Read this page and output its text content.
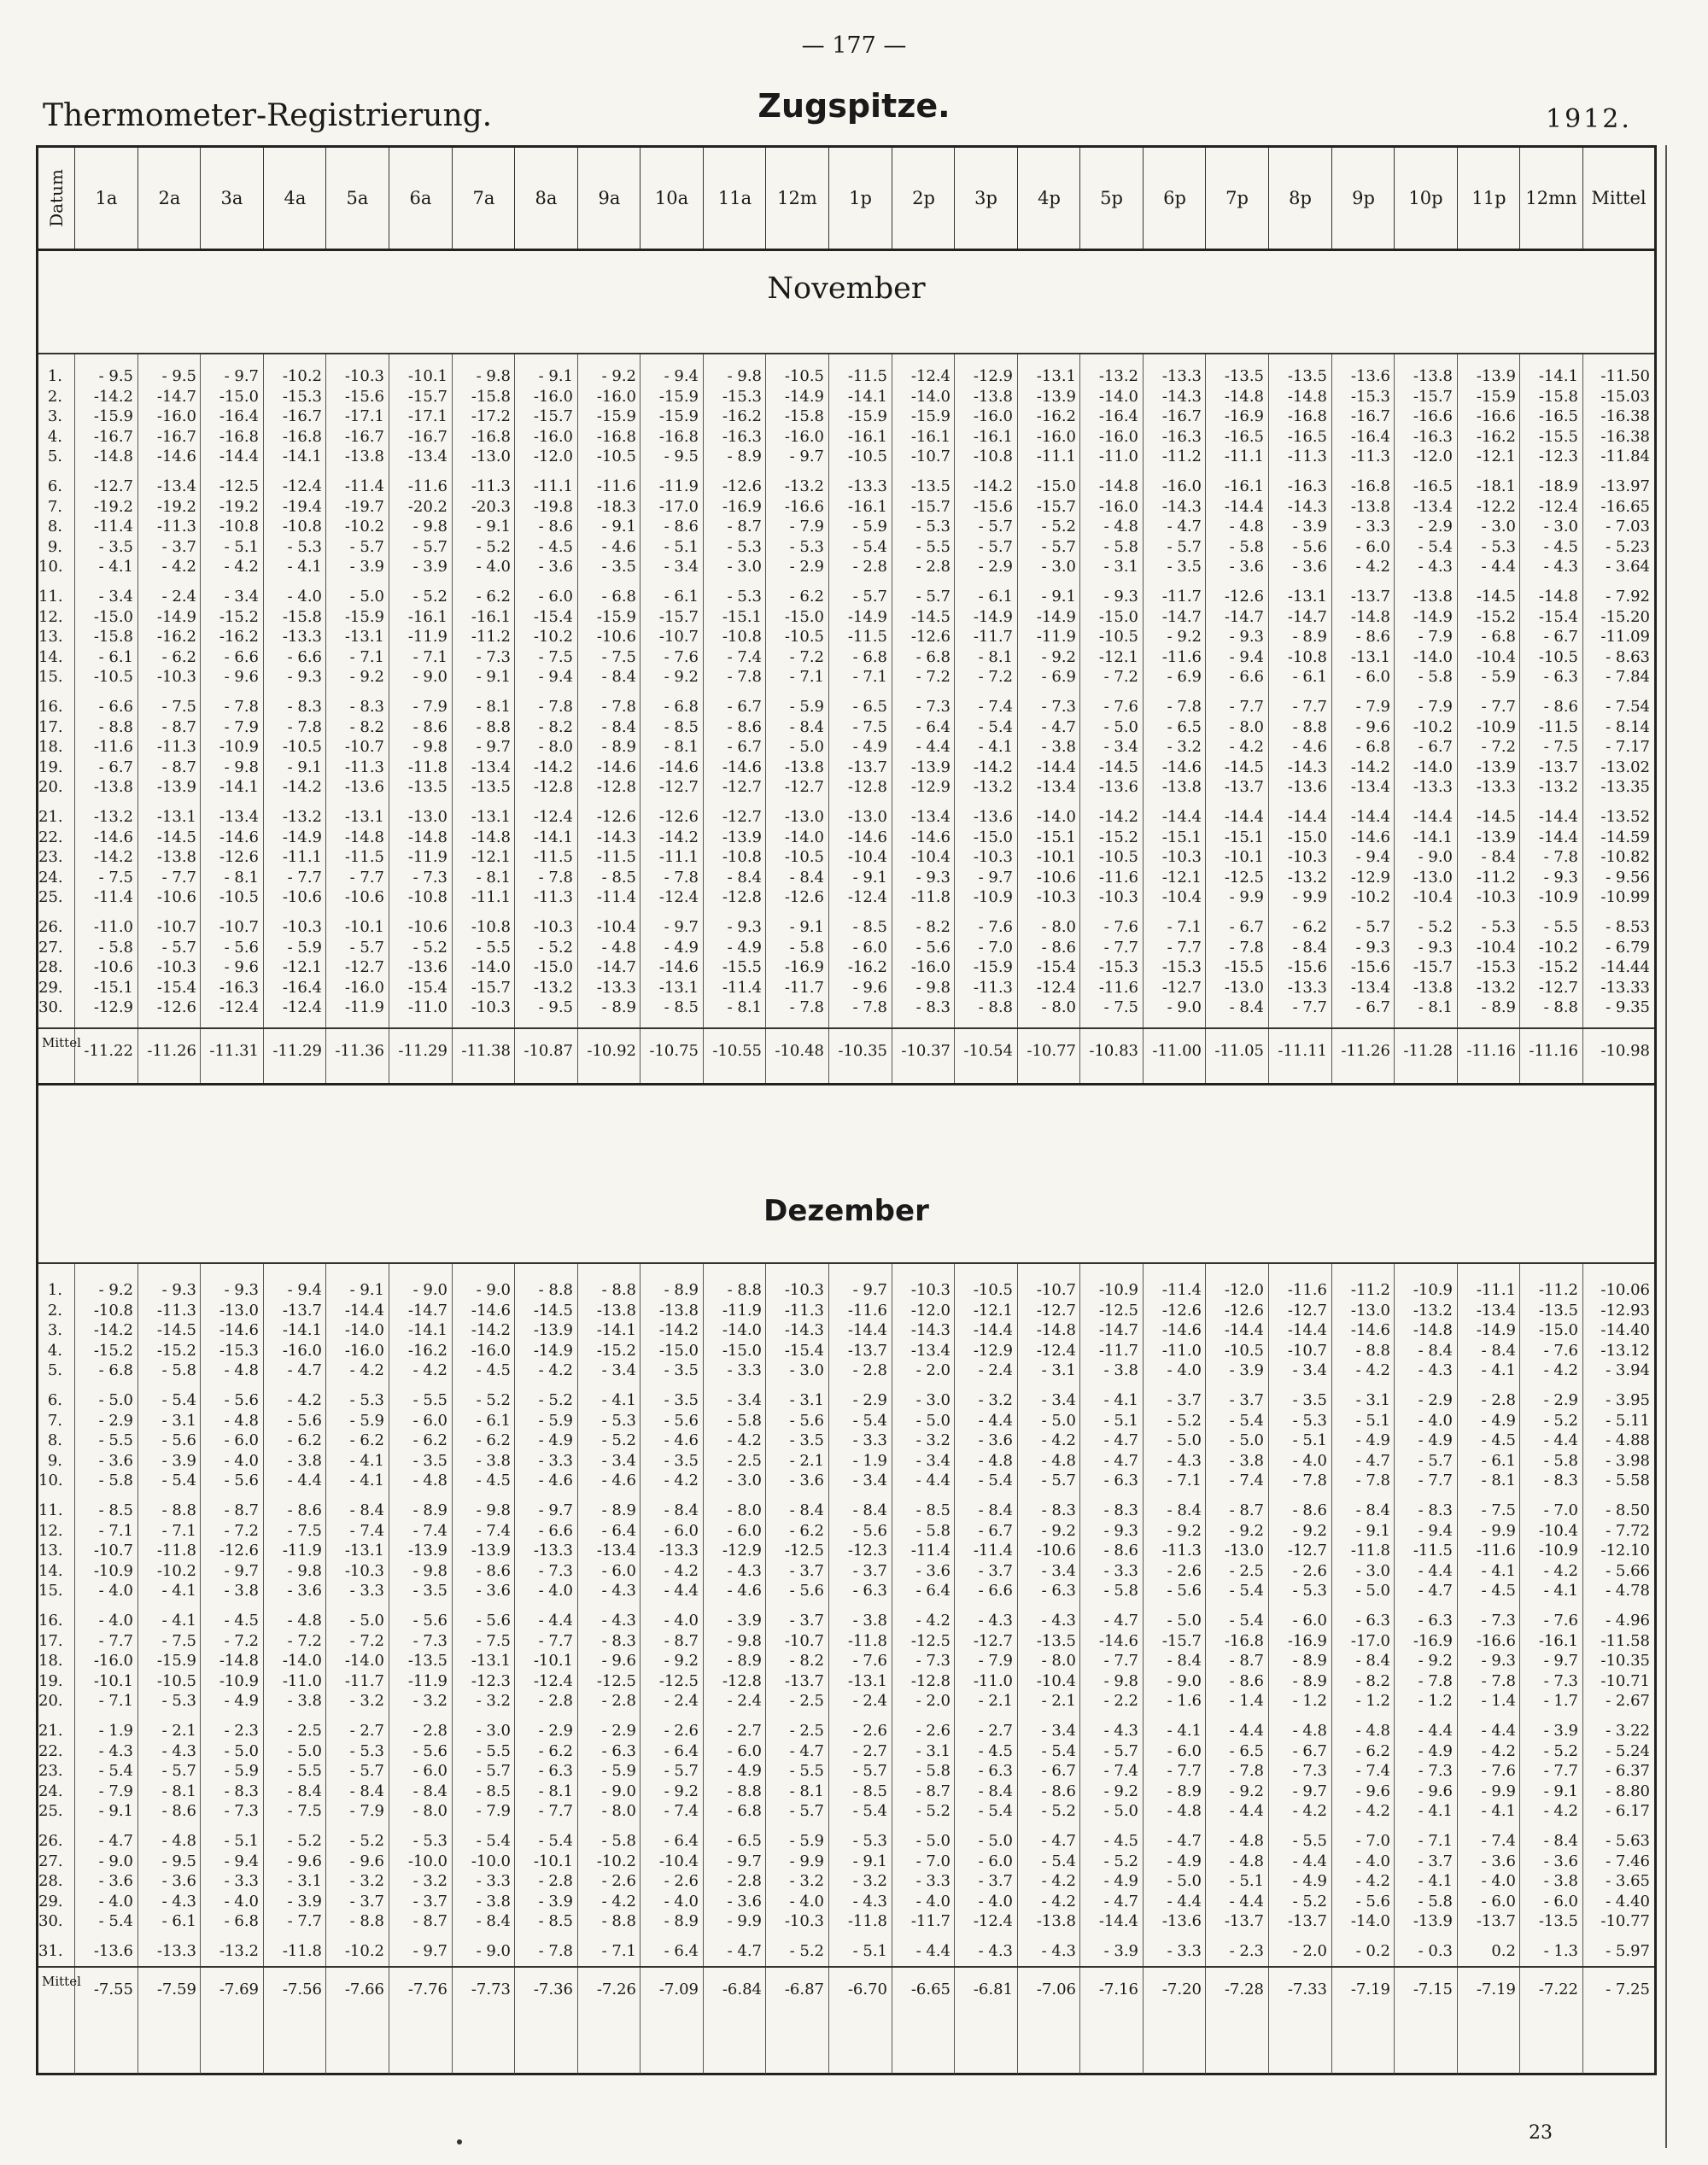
— 177 —
Thermometer-Registrierung.	Zugspitze.	1912.
Datum 1a 2a 3a 4a 5a 6a 7a 8a 9a 10a 11a 12m 1p 2p 3p 4p 5p 6p 7p 8p 9p 10p 11p 12mn Mittel
November
1.	- 9.5	- 9.5	- 9.7	-10.2	-10.3	-10.1	- 9.8	- 9.1	- 9.2	- 9.4	- 9.8	-10.5	-11.5	-12.4	-12.9	-13.1	-13.2	-13.3	-13.5	-13.5	-13.6	-13.8	-13.9	-14.1	-11.50
2.	-14.2	-14.7	-15.0	-15.3	-15.6	-15.7	-15.8	-16.0	-16.0	-15.9	-15.3	-14.9	-14.1	-14.0	-13.8	-13.9	-14.0	-14.3	-14.8	-14.8	-15.3	-15.7	-15.9	-15.8	-15.03
3.	-15.9	-16.0	-16.4	-16.7	-17.1	-17.1	-17.2	-15.7	-15.9	-15.9	-16.2	-15.8	-15.9	-15.9	-16.0	-16.2	-16.4	-16.7	-16.9	-16.8	-16.7	-16.6	-16.6	-16.5	-16.38
4.	-16.7	-16.7	-16.8	-16.8	-16.7	-16.7	-16.8	-16.0	-16.8	-16.8	-16.3	-16.0	-16.1	-16.1	-16.1	-16.0	-16.0	-16.3	-16.5	-16.5	-16.4	-16.3	-16.2	-15.5	-16.38
5.	-14.8	-14.6	-14.4	-14.1	-13.8	-13.4	-13.0	-12.0	-10.5	- 9.5	- 8.9	- 9.7	-10.5	-10.7	-10.8	-11.1	-11.0	-11.2	-11.1	-11.3	-11.3	-12.0	-12.1	-12.3	-11.84
6.	-12.7	-13.4	-12.5	-12.4	-11.4	-11.6	-11.3	-11.1	-11.6	-11.9	-12.6	-13.2	-13.3	-13.5	-14.2	-15.0	-14.8	-16.0	-16.1	-16.3	-16.8	-16.5	-18.1	-18.9	-13.97
7.	-19.2	-19.2	-19.2	-19.4	-19.7	-20.2	-20.3	-19.8	-18.3	-17.0	-16.9	-16.6	-16.1	-15.7	-15.6	-15.7	-16.0	-14.3	-14.4	-14.3	-13.8	-13.4	-12.2	-12.4	-16.65
8.	-11.4	-11.3	-10.8	-10.8	-10.2	- 9.8	- 9.1	- 8.6	- 9.1	- 8.6	- 8.7	- 7.9	- 5.9	- 5.3	- 5.7	- 5.2	- 4.8	- 4.7	- 4.8	- 3.9	- 3.3	- 2.9	- 3.0	- 3.0	- 7.03
9.	- 3.5	- 3.7	- 5.1	- 5.3	- 5.7	- 5.7	- 5.2	- 4.5	- 4.6	- 5.1	- 5.3	- 5.3	- 5.4	- 5.5	- 5.7	- 5.7	- 5.8	- 5.7	- 5.8	- 5.6	- 6.0	- 5.4	- 5.3	- 4.5	- 5.23
10.	- 4.1	- 4.2	- 4.2	- 4.1	- 3.9	- 3.9	- 4.0	- 3.6	- 3.5	- 3.4	- 3.0	- 2.9	- 2.8	- 2.8	- 2.9	- 3.0	- 3.1	- 3.5	- 3.6	- 3.6	- 4.2	- 4.3	- 4.4	- 4.3	- 3.64
11.	- 3.4	- 2.4	- 3.4	- 4.0	- 5.0	- 5.2	- 6.2	- 6.0	- 6.8	- 6.1	- 5.3	- 6.2	- 5.7	- 5.7	- 6.1	- 9.1	- 9.3	-11.7	-12.6	-13.1	-13.7	-13.8	-14.5	-14.8	- 7.92
12.	-15.0	-14.9	-15.2	-15.8	-15.9	-16.1	-16.1	-15.4	-15.9	-15.7	-15.1	-15.0	-14.9	-14.5	-14.9	-14.9	-15.0	-14.7	-14.7	-14.7	-14.8	-14.9	-15.2	-15.4	-15.20
13.	-15.8	-16.2	-16.2	-13.3	-13.1	-11.9	-11.2	-10.2	-10.6	-10.7	-10.8	-10.5	-11.5	-12.6	-11.7	-11.9	-10.5	- 9.2	- 9.3	- 8.9	- 8.6	- 7.9	- 6.8	- 6.7	-11.09
14.	- 6.1	- 6.2	- 6.6	- 6.6	- 7.1	- 7.1	- 7.3	- 7.5	- 7.5	- 7.6	- 7.4	- 7.2	- 6.8	- 6.8	- 8.1	- 9.2	-12.1	-11.6	- 9.4	-10.8	-13.1	-14.0	-10.4	-10.5	- 8.63
15.	-10.5	-10.3	- 9.6	- 9.3	- 9.2	- 9.0	- 9.1	- 9.4	- 8.4	- 9.2	- 7.8	- 7.1	- 7.1	- 7.2	- 7.2	- 6.9	- 7.2	- 6.9	- 6.6	- 6.1	- 6.0	- 5.8	- 5.9	- 6.3	- 7.84
16.	- 6.6	- 7.5	- 7.8	- 8.3	- 8.3	- 7.9	- 8.1	- 7.8	- 7.8	- 6.8	- 6.7	- 5.9	- 6.5	- 7.3	- 7.4	- 7.3	- 7.6	- 7.8	- 7.7	- 7.7	- 7.9	- 7.9	- 7.7	- 8.6	- 7.54
17.	- 8.8	- 8.7	- 7.9	- 7.8	- 8.2	- 8.6	- 8.8	- 8.2	- 8.4	- 8.5	- 8.6	- 8.4	- 7.5	- 6.4	- 5.4	- 4.7	- 5.0	- 6.5	- 8.0	- 8.8	- 9.6	-10.2	-10.9	-11.5	- 8.14
18.	-11.6	-11.3	-10.9	-10.5	-10.7	- 9.8	- 9.7	- 8.0	- 8.9	- 8.1	- 6.7	- 5.0	- 4.9	- 4.4	- 4.1	- 3.8	- 3.4	- 3.2	- 4.2	- 4.6	- 6.8	- 6.7	- 7.2	- 7.5	- 7.17
19.	- 6.7	- 8.7	- 9.8	- 9.1	-11.3	-11.8	-13.4	-14.2	-14.6	-14.6	-14.6	-13.8	-13.7	-13.9	-14.2	-14.4	-14.5	-14.6	-14.5	-14.3	-14.2	-14.0	-13.9	-13.7	-13.02
20.	-13.8	-13.9	-14.1	-14.2	-13.6	-13.5	-13.5	-12.8	-12.8	-12.7	-12.7	-12.7	-12.8	-12.9	-13.2	-13.4	-13.6	-13.8	-13.7	-13.6	-13.4	-13.3	-13.3	-13.2	-13.35
21.	-13.2	-13.1	-13.4	-13.2	-13.1	-13.0	-13.1	-12.4	-12.6	-12.6	-12.7	-13.0	-13.0	-13.4	-13.6	-14.0	-14.2	-14.4	-14.4	-14.4	-14.4	-14.4	-14.5	-14.4	-13.52
22.	-14.6	-14.5	-14.6	-14.9	-14.8	-14.8	-14.8	-14.1	-14.3	-14.2	-13.9	-14.0	-14.6	-14.6	-15.0	-15.1	-15.2	-15.1	-15.1	-15.0	-14.6	-14.1	-13.9	-14.4	-14.59
23.	-14.2	-13.8	-12.6	-11.1	-11.5	-11.9	-12.1	-11.5	-11.5	-11.1	-10.8	-10.5	-10.4	-10.4	-10.3	-10.1	-10.5	-10.3	-10.1	-10.3	- 9.4	- 9.0	- 8.4	- 7.8	-10.82
24.	- 7.5	- 7.7	- 8.1	- 7.7	- 7.7	- 7.3	- 8.1	- 7.8	- 8.5	- 7.8	- 8.4	- 8.4	- 9.1	- 9.3	- 9.7	-10.6	-11.6	-12.1	-12.5	-13.2	-12.9	-13.0	-11.2	- 9.3	- 9.56
25.	-11.4	-10.6	-10.5	-10.6	-10.6	-10.8	-11.1	-11.3	-11.4	-12.4	-12.8	-12.6	-12.4	-11.8	-10.9	-10.3	-10.3	-10.4	- 9.9	- 9.9	-10.2	-10.4	-10.3	-10.9	-10.99
26.	-11.0	-10.7	-10.7	-10.3	-10.1	-10.6	-10.8	-10.3	-10.4	- 9.7	- 9.3	- 9.1	- 8.5	- 8.2	- 7.6	- 8.0	- 7.6	- 7.1	- 6.7	- 6.2	- 5.7	- 5.2	- 5.3	- 5.5	- 8.53
27.	- 5.8	- 5.7	- 5.6	- 5.9	- 5.7	- 5.2	- 5.5	- 5.2	- 4.8	- 4.9	- 4.9	- 5.8	- 6.0	- 5.6	- 7.0	- 8.6	- 7.7	- 7.7	- 7.8	- 8.4	- 9.3	- 9.3	-10.4	-10.2	- 6.79
28.	-10.6	-10.3	- 9.6	-12.1	-12.7	-13.6	-14.0	-15.0	-14.7	-14.6	-15.5	-16.9	-16.2	-16.0	-15.9	-15.4	-15.3	-15.3	-15.5	-15.6	-15.6	-15.7	-15.3	-15.2	-14.44
29.	-15.1	-15.4	-16.3	-16.4	-16.0	-15.4	-15.7	-13.2	-13.3	-13.1	-11.4	-11.7	- 9.6	- 9.8	-11.3	-12.4	-11.6	-12.7	-13.0	-13.3	-13.4	-13.8	-13.2	-12.7	-13.33
30.	-12.9	-12.6	-12.4	-12.4	-11.9	-11.0	-10.3	- 9.5	- 8.9	- 8.5	- 8.1	- 7.8	- 7.8	- 8.3	- 8.8	- 8.0	- 7.5	- 9.0	- 8.4	- 7.7	- 6.7	- 8.1	- 8.9	- 8.8	- 9.35
Mittel -11.22 -11.26 -11.31 -11.29 -11.36 -11.29 -11.38 -10.87 -10.92 -10.75 -10.55 -10.48 -10.35 -10.37 -10.54 -10.77 -10.83 -11.00 -11.05 -11.11 -11.26 -11.28 -11.16 -11.16	-10.98
Dezember
1.	- 9.2	- 9.3	- 9.3	- 9.4	- 9.1	- 9.0	- 9.0	- 8.8	- 8.8	- 8.9	- 8.8	-10.3	- 9.7	-10.3	-10.5	-10.7	-10.9	-11.4	-12.0	-11.6	-11.2	-10.9	-11.1	-11.2	-10.06
2.	-10.8	-11.3	-13.0	-13.7	-14.4	-14.7	-14.6	-14.5	-13.8	-13.8	-11.9	-11.3	-11.6	-12.0	-12.1	-12.7	-12.5	-12.6	-12.6	-12.7	-13.0	-13.2	-13.4	-13.5	-12.93
3.	-14.2	-14.5	-14.6	-14.1	-14.0	-14.1	-14.2	-13.9	-14.1	-14.2	-14.0	-14.3	-14.4	-14.3	-14.4	-14.8	-14.7	-14.6	-14.4	-14.4	-14.6	-14.8	-14.9	-15.0	-14.40
4.	-15.2	-15.2	-15.3	-16.0	-16.0	-16.2	-16.0	-14.9	-15.2	-15.0	-15.0	-15.4	-13.7	-13.4	-12.9	-12.4	-11.7	-11.0	-10.5	-10.7	- 8.8	- 8.4	- 8.4	- 7.6	-13.12
5.	- 6.8	- 5.8	- 4.8	- 4.7	- 4.2	- 4.2	- 4.5	- 4.2	- 3.4	- 3.5	- 3.3	- 3.0	- 2.8	- 2.0	- 2.4	- 3.1	- 3.8	- 4.0	- 3.9	- 3.4	- 4.2	- 4.3	- 4.1	- 4.2	- 3.94
6.	- 5.0	- 5.4	- 5.6	- 4.2	- 5.3	- 5.5	- 5.2	- 5.2	- 4.1	- 3.5	- 3.4	- 3.1	- 2.9	- 3.0	- 3.2	- 3.4	- 4.1	- 3.7	- 3.7	- 3.5	- 3.1	- 2.9	- 2.8	- 2.9	- 3.95
7.	- 2.9	- 3.1	- 4.8	- 5.6	- 5.9	- 6.0	- 6.1	- 5.9	- 5.3	- 5.6	- 5.8	- 5.6	- 5.4	- 5.0	- 4.4	- 5.0	- 5.1	- 5.2	- 5.4	- 5.3	- 5.1	- 4.0	- 4.9	- 5.2	- 5.11
8.	- 5.5	- 5.6	- 6.0	- 6.2	- 6.2	- 6.2	- 6.2	- 4.9	- 5.2	- 4.6	- 4.2	- 3.5	- 3.3	- 3.2	- 3.6	- 4.2	- 4.7	- 5.0	- 5.0	- 5.1	- 4.9	- 4.9	- 4.5	- 4.4	- 4.88
9.	- 3.6	- 3.9	- 4.0	- 3.8	- 4.1	- 3.5	- 3.8	- 3.3	- 3.4	- 3.5	- 2.5	- 2.1	- 1.9	- 3.4	- 4.8	- 4.8	- 4.7	- 4.3	- 3.8	- 4.0	- 4.7	- 5.7	- 6.1	- 5.8	- 3.98
10.	- 5.8	- 5.4	- 5.6	- 4.4	- 4.1	- 4.8	- 4.5	- 4.6	- 4.6	- 4.2	- 3.0	- 3.6	- 3.4	- 4.4	- 5.4	- 5.7	- 6.3	- 7.1	- 7.4	- 7.8	- 7.8	- 7.7	- 8.1	- 8.3	- 5.58
11.	- 8.5	- 8.8	- 8.7	- 8.6	- 8.4	- 8.9	- 9.8	- 9.7	- 8.9	- 8.4	- 8.0	- 8.4	- 8.4	- 8.5	- 8.4	- 8.3	- 8.3	- 8.4	- 8.7	- 8.6	- 8.4	- 8.3	- 7.5	- 7.0	- 8.50
12.	- 7.1	- 7.1	- 7.2	- 7.5	- 7.4	- 7.4	- 7.4	- 6.6	- 6.4	- 6.0	- 6.0	- 6.2	- 5.6	- 5.8	- 6.7	- 9.2	- 9.3	- 9.2	- 9.2	- 9.2	- 9.1	- 9.4	- 9.9	-10.4	- 7.72
13.	-10.7	-11.8	-12.6	-11.9	-13.1	-13.9	-13.9	-13.3	-13.4	-13.3	-12.9	-12.5	-12.3	-11.4	-11.4	-10.6	- 8.6	-11.3	-13.0	-12.7	-11.8	-11.5	-11.6	-10.9	-12.10
14.	-10.9	-10.2	- 9.7	- 9.8	-10.3	- 9.8	- 8.6	- 7.3	- 6.0	- 4.2	- 4.3	- 3.7	- 3.7	- 3.6	- 3.7	- 3.4	- 3.3	- 2.6	- 2.5	- 2.6	- 3.0	- 4.4	- 4.1	- 4.2	- 5.66
15.	- 4.0	- 4.1	- 3.8	- 3.6	- 3.3	- 3.5	- 3.6	- 4.0	- 4.3	- 4.4	- 4.6	- 5.6	- 6.3	- 6.4	- 6.6	- 6.3	- 5.8	- 5.6	- 5.4	- 5.3	- 5.0	- 4.7	- 4.5	- 4.1	- 4.78
16.	- 4.0	- 4.1	- 4.5	- 4.8	- 5.0	- 5.6	- 5.6	- 4.4	- 4.3	- 4.0	- 3.9	- 3.7	- 3.8	- 4.2	- 4.3	- 4.3	- 4.7	- 5.0	- 5.4	- 6.0	- 6.3	- 6.3	- 7.3	- 7.6	- 4.96
17.	- 7.7	- 7.5	- 7.2	- 7.2	- 7.2	- 7.3	- 7.5	- 7.7	- 8.3	- 8.7	- 9.8	-10.7	-11.8	-12.5	-12.7	-13.5	-14.6	-15.7	-16.8	-16.9	-17.0	-16.9	-16.6	-16.1	-11.58
18.	-16.0	-15.9	-14.8	-14.0	-14.0	-13.5	-13.1	-10.1	- 9.6	- 9.2	- 8.9	- 8.2	- 7.6	- 7.3	- 7.9	- 8.0	- 7.7	- 8.4	- 8.7	- 8.9	- 8.4	- 9.2	- 9.3	- 9.7	-10.35
19.	-10.1	-10.5	-10.9	-11.0	-11.7	-11.9	-12.3	-12.4	-12.5	-12.5	-12.8	-13.7	-13.1	-12.8	-11.0	-10.4	- 9.8	- 9.0	- 8.6	- 8.9	- 8.2	- 7.8	- 7.8	- 7.3	-10.71
20.	- 7.1	- 5.3	- 4.9	- 3.8	- 3.2	- 3.2	- 3.2	- 2.8	- 2.8	- 2.4	- 2.4	- 2.5	- 2.4	- 2.0	- 2.1	- 2.1	- 2.2	- 1.6	- 1.4	- 1.2	- 1.2	- 1.2	- 1.4	- 1.7	- 2.67
21.	- 1.9	- 2.1	- 2.3	- 2.5	- 2.7	- 2.8	- 3.0	- 2.9	- 2.9	- 2.6	- 2.7	- 2.5	- 2.6	- 2.6	- 2.7	- 3.4	- 4.3	- 4.1	- 4.4	- 4.8	- 4.8	- 4.4	- 4.4	- 3.9	- 3.22
22.	- 4.3	- 4.3	- 5.0	- 5.0	- 5.3	- 5.6	- 5.5	- 6.2	- 6.3	- 6.4	- 6.0	- 4.7	- 2.7	- 3.1	- 4.5	- 5.4	- 5.7	- 6.0	- 6.5	- 6.7	- 6.2	- 4.9	- 4.2	- 5.2	- 5.24
23.	- 5.4	- 5.7	- 5.9	- 5.5	- 5.7	- 6.0	- 5.7	- 6.3	- 5.9	- 5.7	- 4.9	- 5.5	- 5.7	- 5.8	- 6.3	- 6.7	- 7.4	- 7.7	- 7.8	- 7.3	- 7.4	- 7.3	- 7.6	- 7.7	- 6.37
24.	- 7.9	- 8.1	- 8.3	- 8.4	- 8.4	- 8.4	- 8.5	- 8.1	- 9.0	- 9.2	- 8.8	- 8.1	- 8.5	- 8.7	- 8.4	- 8.6	- 9.2	- 8.9	- 9.2	- 9.7	- 9.6	- 9.6	- 9.9	- 9.1	- 8.80
25.	- 9.1	- 8.6	- 7.3	- 7.5	- 7.9	- 8.0	- 7.9	- 7.7	- 8.0	- 7.4	- 6.8	- 5.7	- 5.4	- 5.2	- 5.4	- 5.2	- 5.0	- 4.8	- 4.4	- 4.2	- 4.2	- 4.1	- 4.1	- 4.2	- 6.17
26.	- 4.7	- 4.8	- 5.1	- 5.2	- 5.2	- 5.3	- 5.4	- 5.4	- 5.8	- 6.4	- 6.5	- 5.9	- 5.3	- 5.0	- 5.0	- 4.7	- 4.5	- 4.7	- 4.8	- 5.5	- 7.0	- 7.1	- 7.4	- 8.4	- 5.63
27.	- 9.0	- 9.5	- 9.4	- 9.6	- 9.6	-10.0	-10.0	-10.1	-10.2	-10.4	- 9.7	- 9.9	- 9.1	- 7.0	- 6.0	- 5.4	- 5.2	- 4.9	- 4.8	- 4.4	- 4.0	- 3.7	- 3.6	- 3.6	- 7.46
28.	- 3.6	- 3.6	- 3.3	- 3.1	- 3.2	- 3.2	- 3.3	- 2.8	- 2.6	- 2.6	- 2.8	- 3.2	- 3.2	- 3.3	- 3.7	- 4.2	- 4.9	- 5.0	- 5.1	- 4.9	- 4.2	- 4.1	- 4.0	- 3.8	- 3.65
29.	- 4.0	- 4.3	- 4.0	- 3.9	- 3.7	- 3.7	- 3.8	- 3.9	- 4.2	- 4.0	- 3.6	- 4.0	- 4.3	- 4.0	- 4.0	- 4.2	- 4.7	- 4.4	- 4.4	- 5.2	- 5.6	- 5.8	- 6.0	- 6.0	- 4.40
30.	- 5.4	- 6.1	- 6.8	- 7.7	- 8.8	- 8.7	- 8.4	- 8.5	- 8.8	- 8.9	- 9.9	-10.3	-11.8	-11.7	-12.4	-13.8	-14.4	-13.6	-13.7	-13.7	-14.0	-13.9	-13.7	-13.5	-10.77
31.	-13.6	-13.3	-13.2	-11.8	-10.2	- 9.7	- 9.0	- 7.8	- 7.1	- 6.4	- 4.7	- 5.2	- 5.1	- 4.4	- 4.3	- 4.3	- 3.9	- 3.3	- 2.3	- 2.0	- 0.2	- 0.3	0.2	- 1.3	- 5.97
Mittel -7.55	-7.59	-7.69	-7.56	-7.66	-7.76	-7.73	-7.36	-7.26	-7.09	-6.84	-6.87	-6.70	-6.65	-6.81	-7.06	-7.16	-7.20	-7.28	-7.33	-7.19	-7.15	-7.19	-7.22	- 7.25
23
